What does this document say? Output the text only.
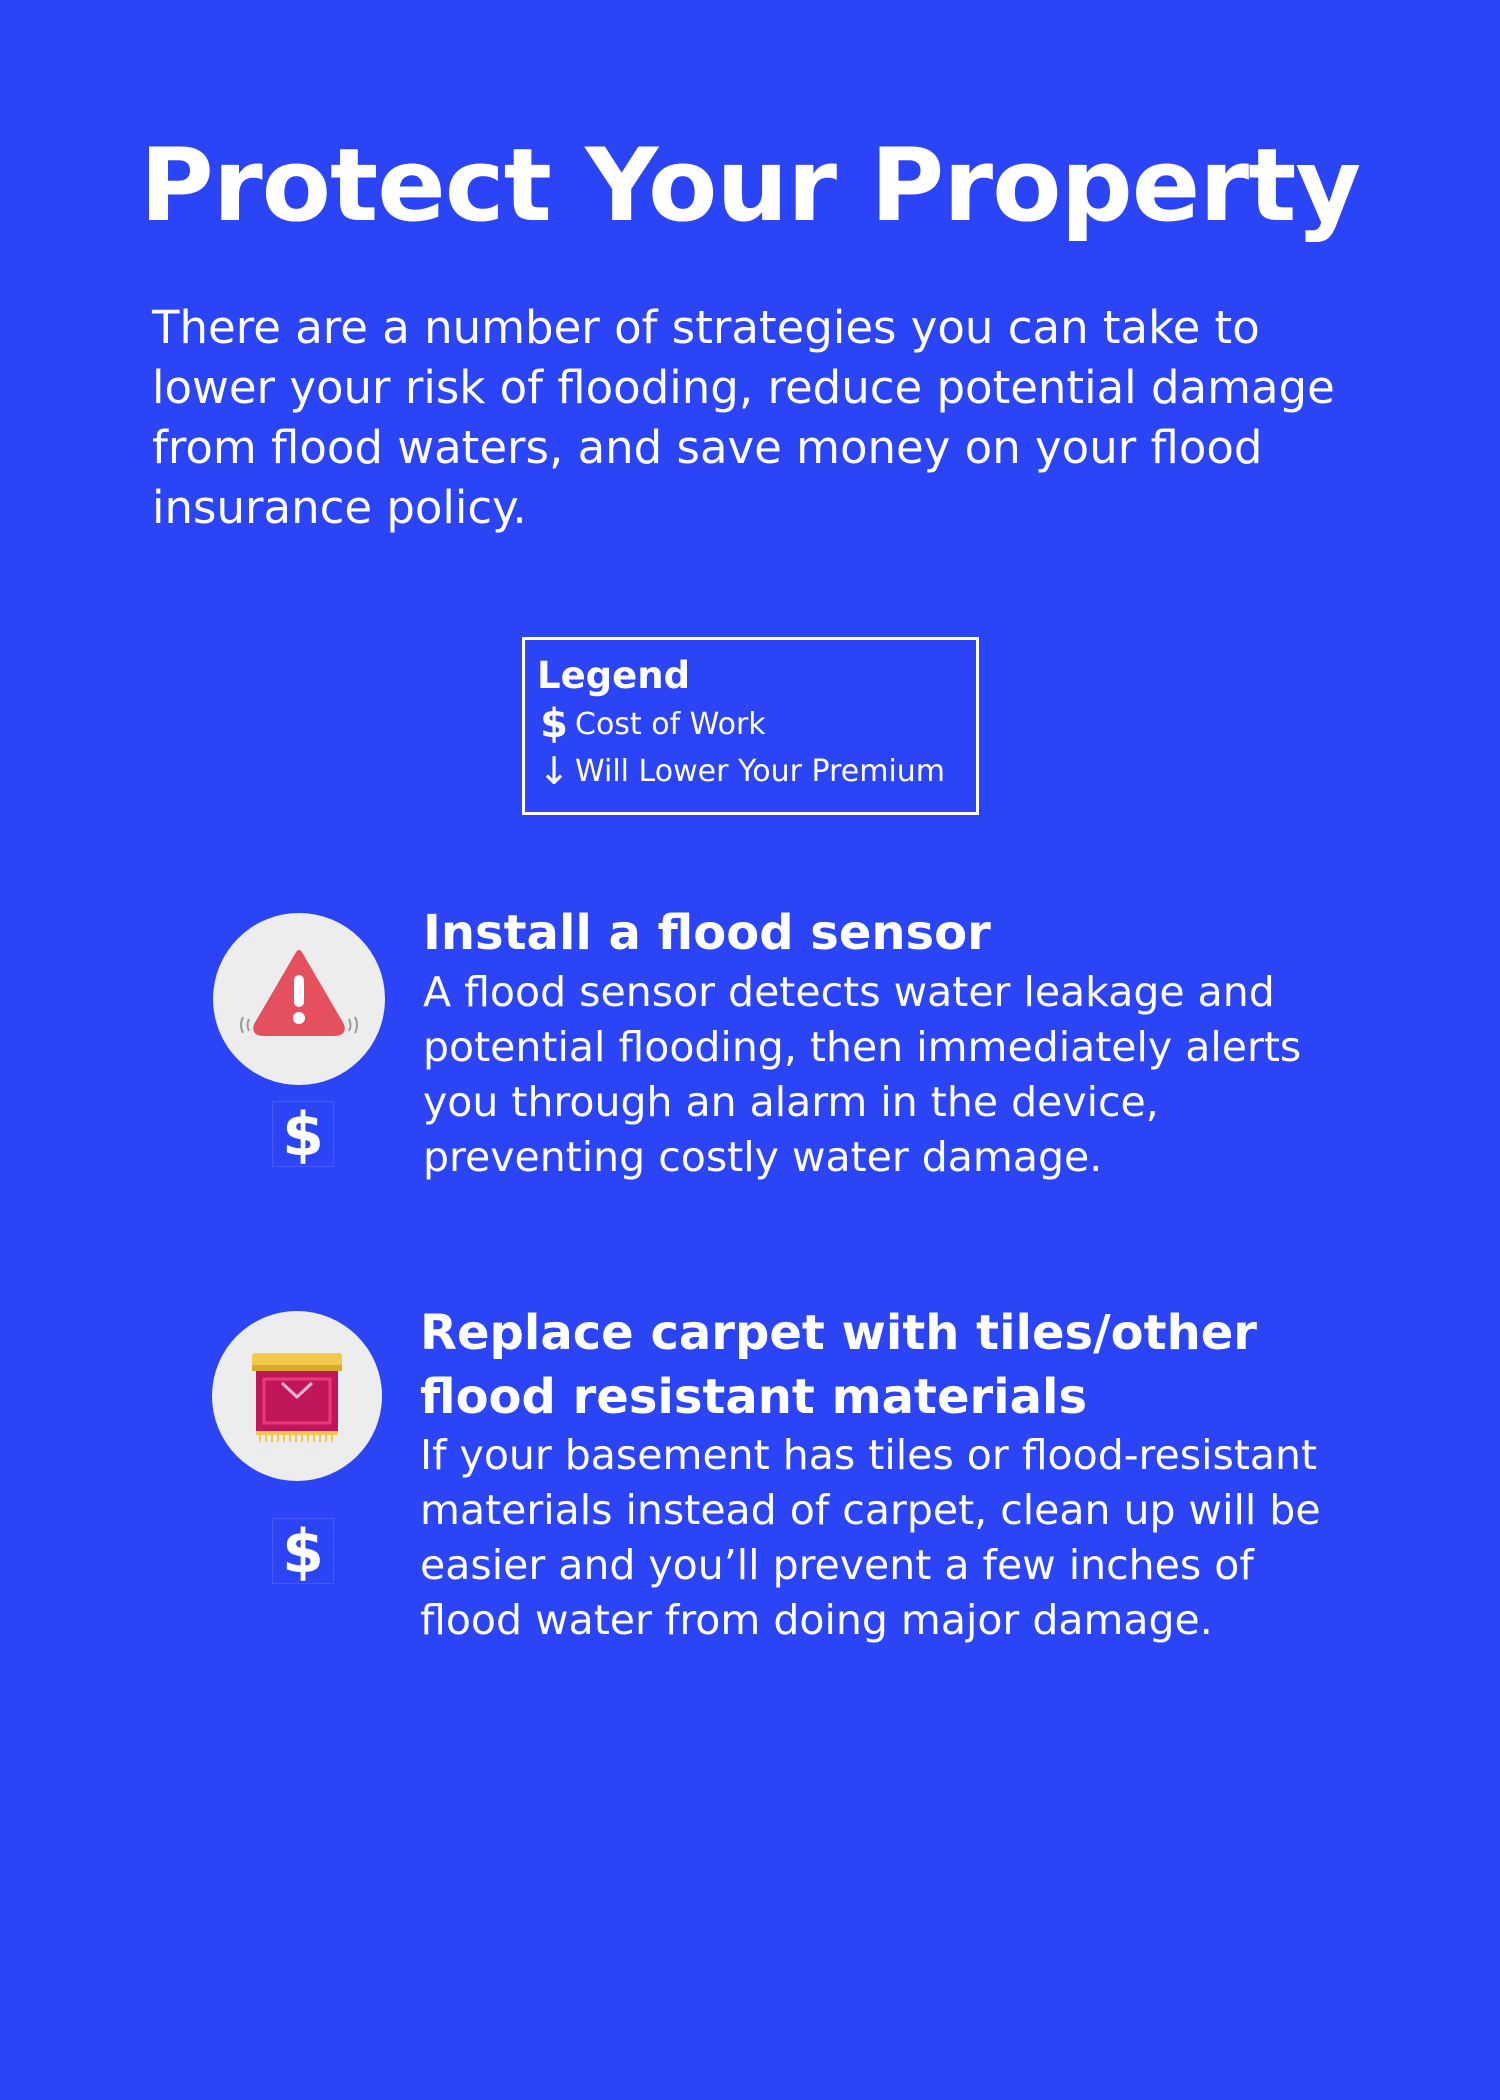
Protect Your Property

There are a number of strategies you can take to lower your risk of flooding, reduce potential damage from flood waters, and save money on your flood insurance policy.

Legend
$ Cost of Work
↓ Will Lower Your Premium
$
Install a flood sensor

A flood sensor detects water leakage and potential flooding, then immediately alerts you through an alarm in the device, preventing costly water damage.

$
Replace carpet with tiles/other
flood resistant materials

If your basement has tiles or flood-resistant materials instead of carpet, clean up will be easier and you’ll prevent a few inches of flood water from doing major damage.
